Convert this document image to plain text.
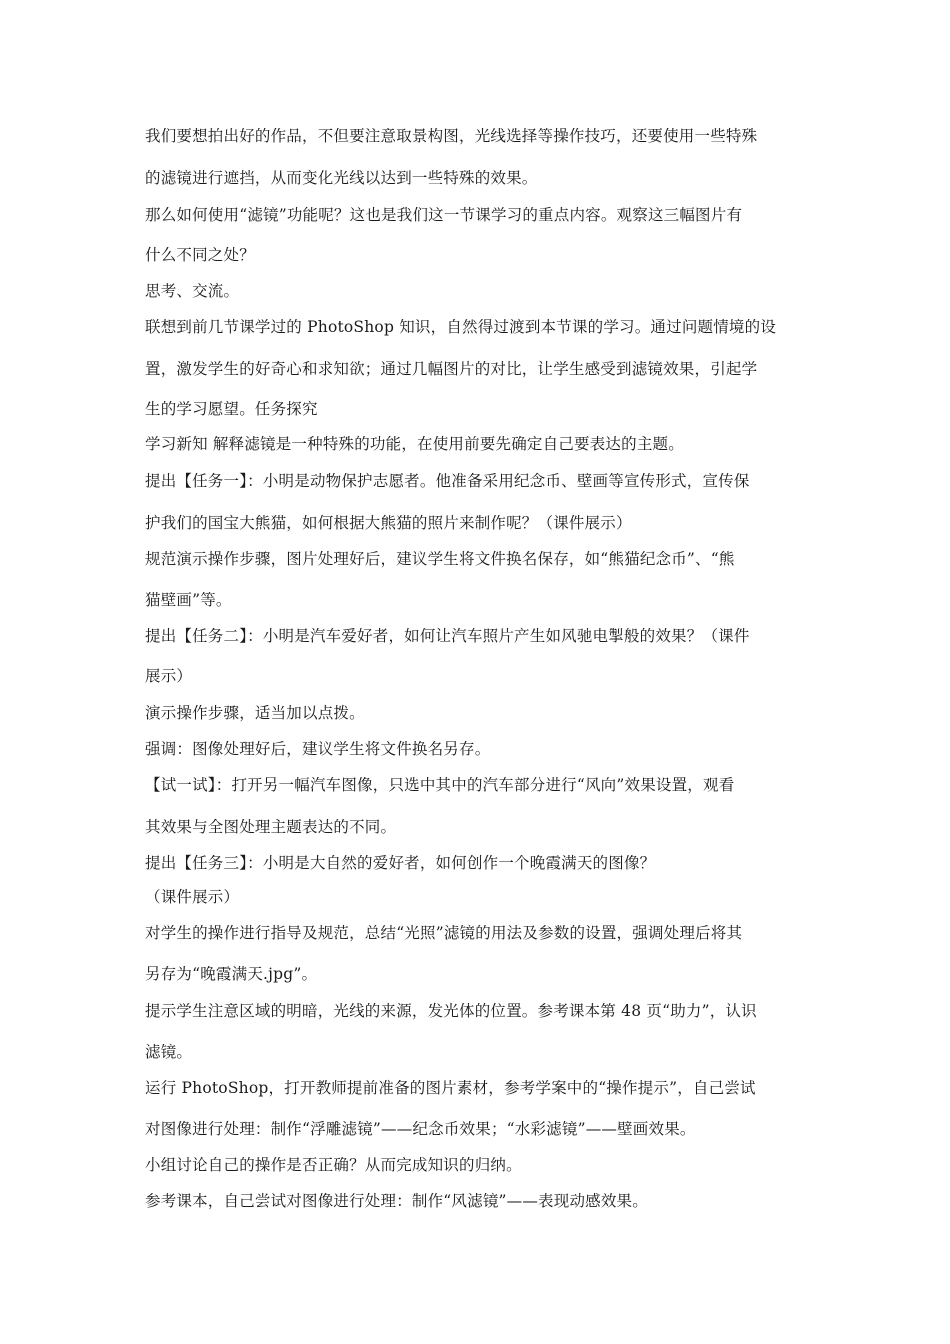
我们要想拍出好的作品，不但要注意取景构图，光线选择等操作技巧，还要使用一些特殊
的滤镜进行遮挡，从而变化光线以达到一些特殊的效果。
那么如何使用“滤镜”功能呢？这也是我们这一节课学习的重点内容。观察这三幅图片有
什么不同之处？
思考、交流。
联想到前几节课学过的 PhotoShop 知识，自然得过渡到本节课的学习。通过问题情境的设
置，激发学生的好奇心和求知欲；通过几幅图片的对比，让学生感受到滤镜效果，引起学
生的学习愿望。任务探究
学习新知 解释滤镜是一种特殊的功能，在使用前要先确定自己要表达的主题。
提出【任务一】：小明是动物保护志愿者。他准备采用纪念币、壁画等宣传形式，宣传保
护我们的国宝大熊猫，如何根据大熊猫的照片来制作呢？（课件展示）
规范演示操作步骤，图片处理好后，建议学生将文件换名保存，如“熊猫纪念币”、“熊
猫壁画”等。
提出【任务二】：小明是汽车爱好者，如何让汽车照片产生如风驰电掣般的效果？（课件
展示）
演示操作步骤，适当加以点拨。
强调：图像处理好后，建议学生将文件换名另存。
【试一试】：打开另一幅汽车图像，只选中其中的汽车部分进行“风向”效果设置，观看
其效果与全图处理主题表达的不同。
提出【任务三】：小明是大自然的爱好者，如何创作一个晚霞满天的图像？
（课件展示）
对学生的操作进行指导及规范，总结“光照”滤镜的用法及参数的设置，强调处理后将其
另存为“晚霞满天.jpg”。
提示学生注意区域的明暗，光线的来源，发光体的位置。参考课本第 48 页“助力”，认识
滤镜。
运行 PhotoShop，打开教师提前准备的图片素材，参考学案中的“操作提示”，自己尝试
对图像进行处理：制作“浮雕滤镜”——纪念币效果；“水彩滤镜”——壁画效果。
小组讨论自己的操作是否正确？从而完成知识的归纳。
参考课本，自己尝试对图像进行处理：制作“风滤镜”——表现动感效果。
